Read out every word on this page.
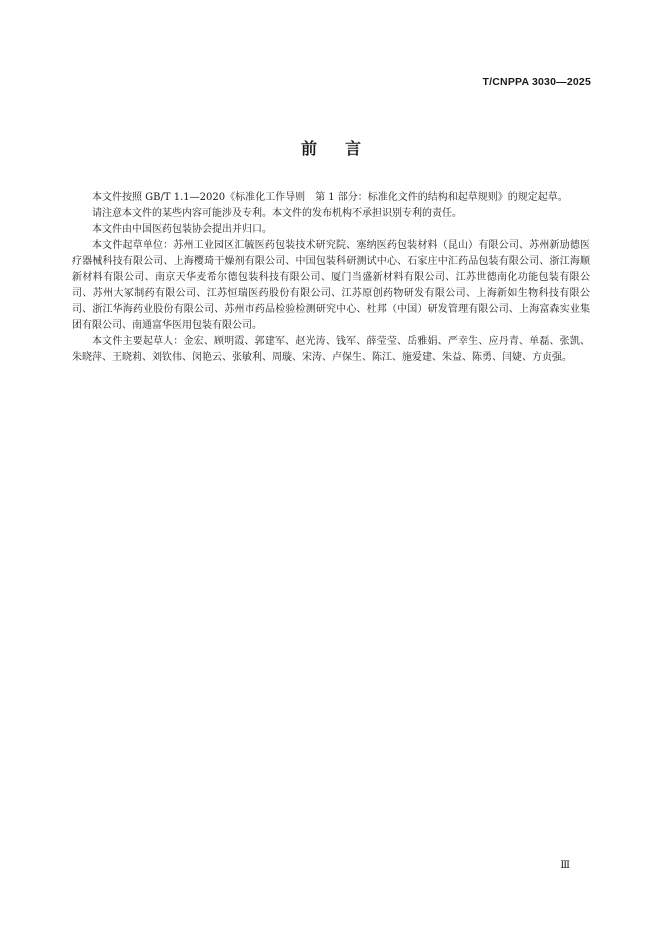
T/CNPPA 3030—2025
前言

本文件按照 GB/T 1.1—2020《标准化工作导则　第 1 部分：标准化文件的结构和起草规则》的规定起草。

请注意本文件的某些内容可能涉及专利。本文件的发布机构不承担识别专利的责任。

本文件由中国医药包装协会提出并归口。

本文件起草单位：苏州工业园区汇毓医药包装技术研究院、塞纳医药包装材料（昆山）有限公司、苏州新劢德医疗器械科技有限公司、上海樱琦干燥剂有限公司、中国包装科研测试中心、石家庄中汇药品包装有限公司、浙江海顺新材料有限公司、南京天华麦希尔德包装科技有限公司、厦门当盛新材料有限公司、江苏世德南化功能包装有限公司、苏州大冢制药有限公司、江苏恒瑞医药股份有限公司、江苏原创药物研发有限公司、上海新如生物科技有限公司、浙江华海药业股份有限公司、苏州市药品检验检测研究中心、杜邦（中国）研发管理有限公司、上海富森实业集团有限公司、南通富华医用包装有限公司。

本文件主要起草人：金宏、顾明霞、郭建军、赵光涛、钱军、薛莹莹、岳雅娟、严幸生、应丹青、单磊、张凯、朱晓萍、王晓莉、刘钦伟、闵艳云、张敏利、周璇、宋涛、卢保生、陈江、施爱建、朱益、陈勇、闫婕、方贞强。

Ⅲ
